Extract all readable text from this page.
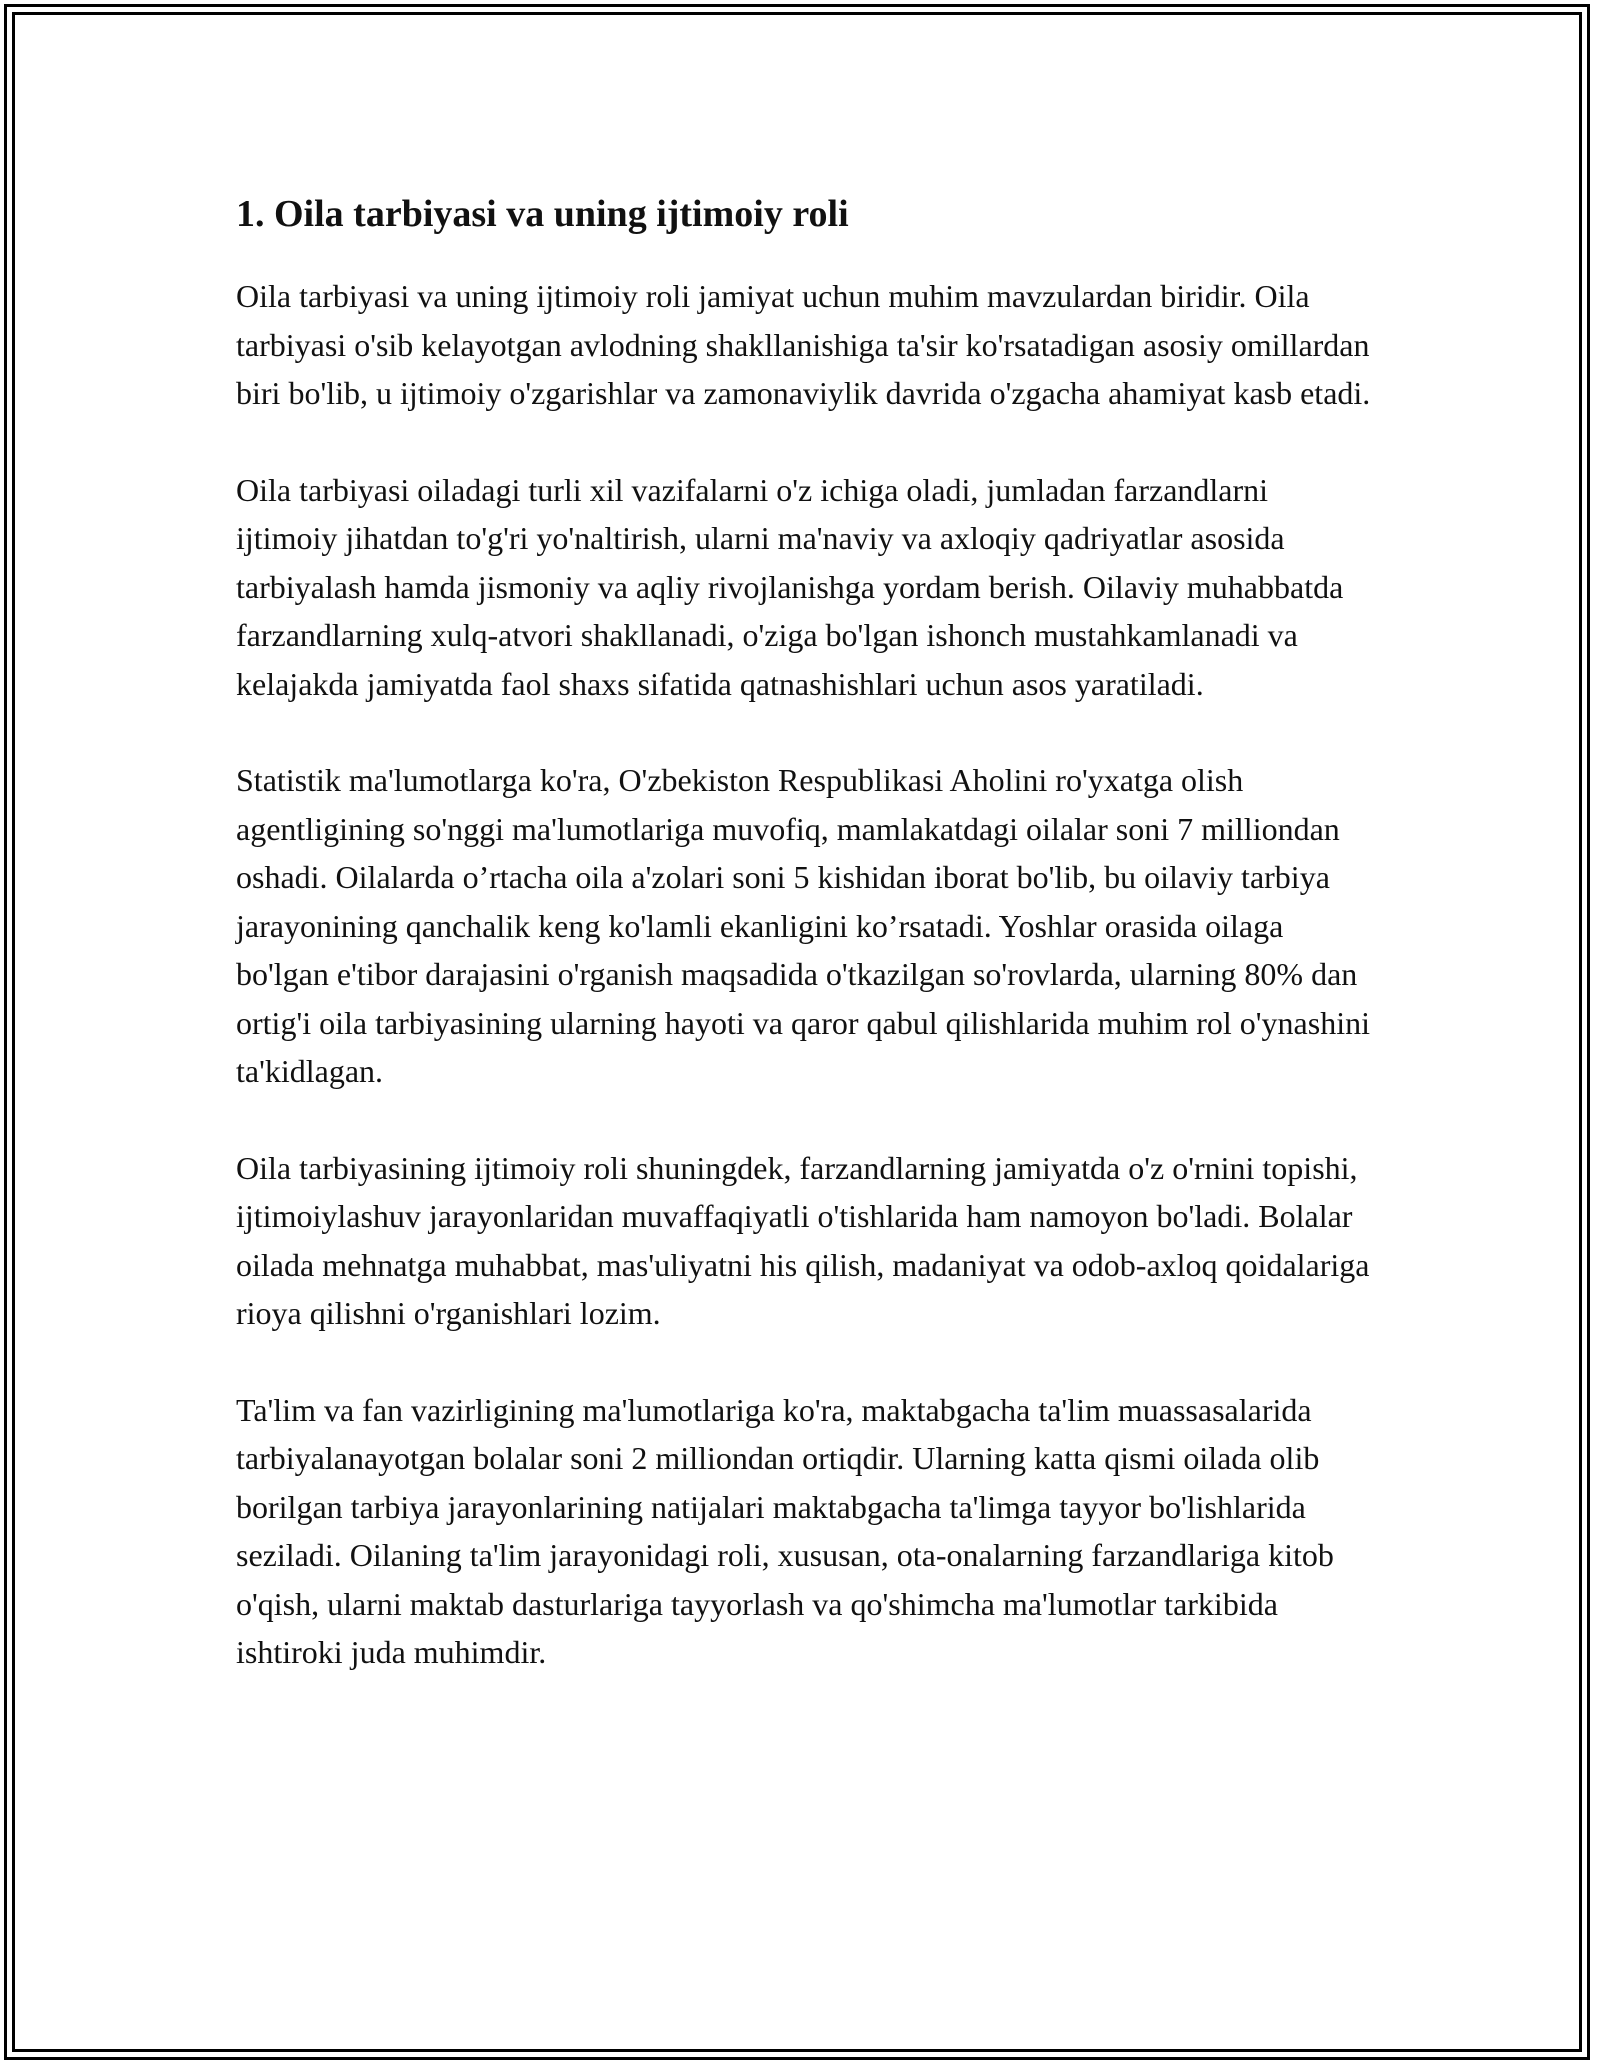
1. Oila tarbiyasi va uning ijtimoiy roli

Oila tarbiyasi va uning ijtimoiy roli jamiyat uchun muhim mavzulardan biridir. Oila tarbiyasi o'sib kelayotgan avlodning shakllanishiga ta'sir ko'rsatadigan asosiy omillardan biri bo'lib, u ijtimoiy o'zgarishlar va zamonaviylik davrida o'zgacha ahamiyat kasb etadi.

Oila tarbiyasi oiladagi turli xil vazifalarni o'z ichiga oladi, jumladan farzandlarni ijtimoiy jihatdan to'g'ri yo'naltirish, ularni ma'naviy va axloqiy qadriyatlar asosida tarbiyalash hamda jismoniy va aqliy rivojlanishga yordam berish. Oilaviy muhabbatda farzandlarning xulq-atvori shakllanadi, o'ziga bo'lgan ishonch mustahkamlanadi va kelajakda jamiyatda faol shaxs sifatida qatnashishlari uchun asos yaratiladi.

Statistik ma'lumotlarga ko'ra, O'zbekiston Respublikasi Aholini ro'yxatga olish agentligining so'nggi ma'lumotlariga muvofiq, mamlakatdagi oilalar soni 7 milliondan oshadi. Oilalarda o’rtacha oila a'zolari soni 5 kishidan iborat bo'lib, bu oilaviy tarbiya jarayonining qanchalik keng ko'lamli ekanligini ko’rsatadi. Yoshlar orasida oilaga bo'lgan e'tibor darajasini o'rganish maqsadida o'tkazilgan so'rovlarda, ularning 80% dan ortig'i oila tarbiyasining ularning hayoti va qaror qabul qilishlarida muhim rol o'ynashini ta'kidlagan.

Oila tarbiyasining ijtimoiy roli shuningdek, farzandlarning jamiyatda o'z o'rnini topishi, ijtimoiylashuv jarayonlaridan muvaffaqiyatli o'tishlarida ham namoyon bo'ladi. Bolalar oilada mehnatga muhabbat, mas'uliyatni his qilish, madaniyat va odob-axloq qoidalariga rioya qilishni o'rganishlari lozim.

Ta'lim va fan vazirligining ma'lumotlariga ko'ra, maktabgacha ta'lim muassasalarida tarbiyalanayotgan bolalar soni 2 milliondan ortiqdir. Ularning katta qismi oilada olib borilgan tarbiya jarayonlarining natijalari maktabgacha ta'limga tayyor bo'lishlarida seziladi. Oilaning ta'lim jarayonidagi roli, xususan, ota-onalarning farzandlariga kitob o'qish, ularni maktab dasturlariga tayyorlash va qo'shimcha ma'lumotlar tarkibida ishtiroki juda muhimdir.
